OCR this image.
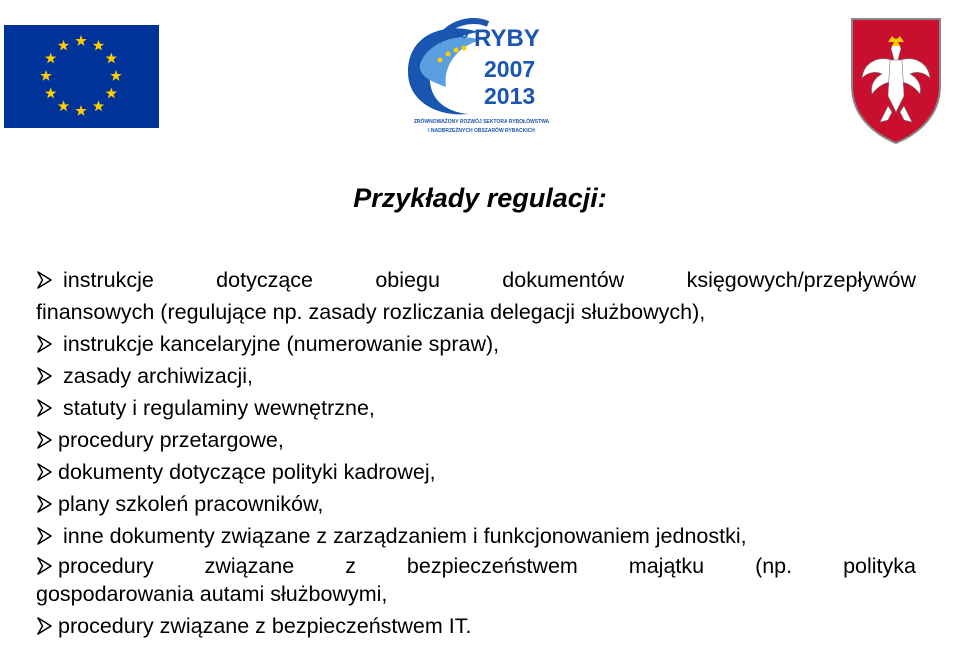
PO RYBY
2007
2013
ZRÓWNOWAŻONY ROZWÓJ SEKTORA RYBOŁÓWSTWA
I NADBRZEŻNYCH OBSZARÓW RYBACKICH
Przykłady regulacji:
instrukcje dotyczące obiegu dokumentów księgowych/przepływów
finansowych (regulujące np. zasady rozliczania delegacji służbowych),
instrukcje kancelaryjne (numerowanie spraw),
zasady archiwizacji,
statuty i regulaminy wewnętrzne,
procedury przetargowe,
dokumenty dotyczące polityki kadrowej,
plany szkoleń pracowników,
inne dokumenty związane z zarządzaniem i funkcjonowaniem jednostki,
procedury związane z bezpieczeństwem majątku (np. polityka
gospodarowania autami służbowymi,
procedury związane z bezpieczeństwem IT.
